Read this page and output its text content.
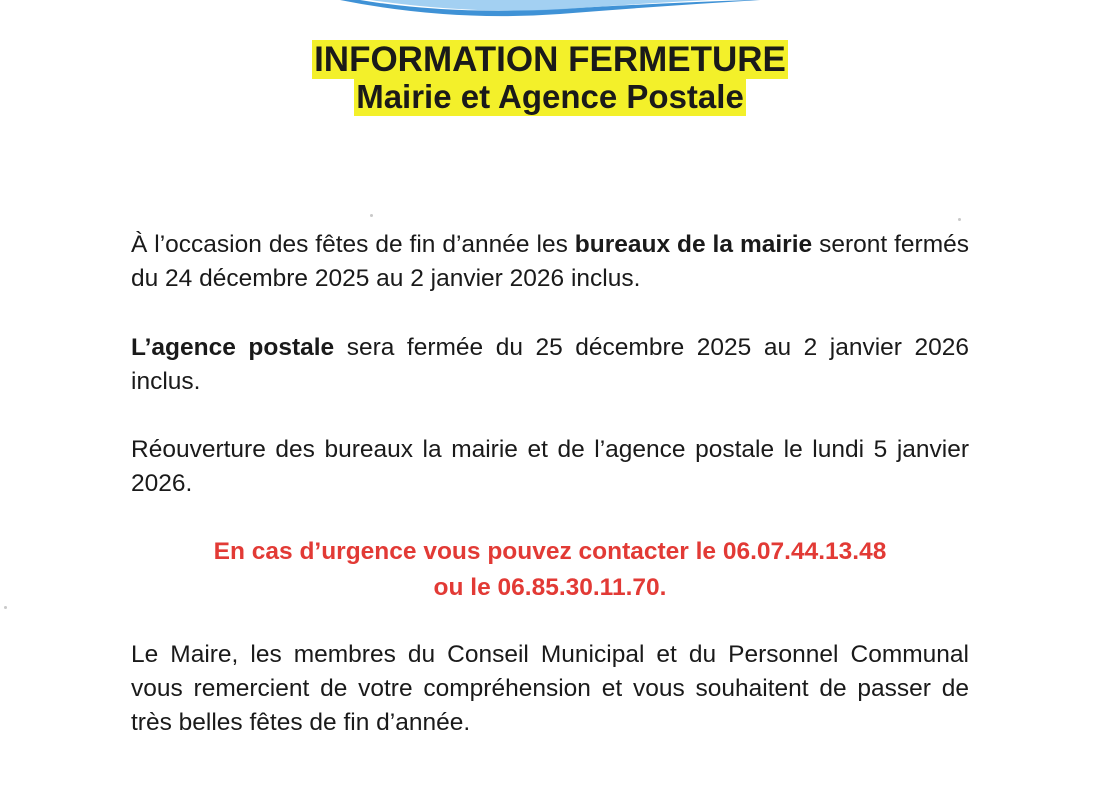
INFORMATION FERMETURE
Mairie et Agence Postale

À l’occasion des fêtes de fin d’année les bureaux de la mairie seront fermés du 24 décembre 2025 au 2 janvier 2026 inclus.

L’agence postale sera fermée du 25 décembre 2025 au 2 janvier 2026 inclus.

Réouverture des bureaux la mairie et de l’agence postale le lundi 5 janvier 2026.

En cas d’urgence vous pouvez contacter le 06.07.44.13.48
ou le 06.85.30.11.70.

Le Maire, les membres du Conseil Municipal et du Personnel Communal vous remercient de votre compréhension et vous souhaitent de passer de très belles fêtes de fin d’année.
